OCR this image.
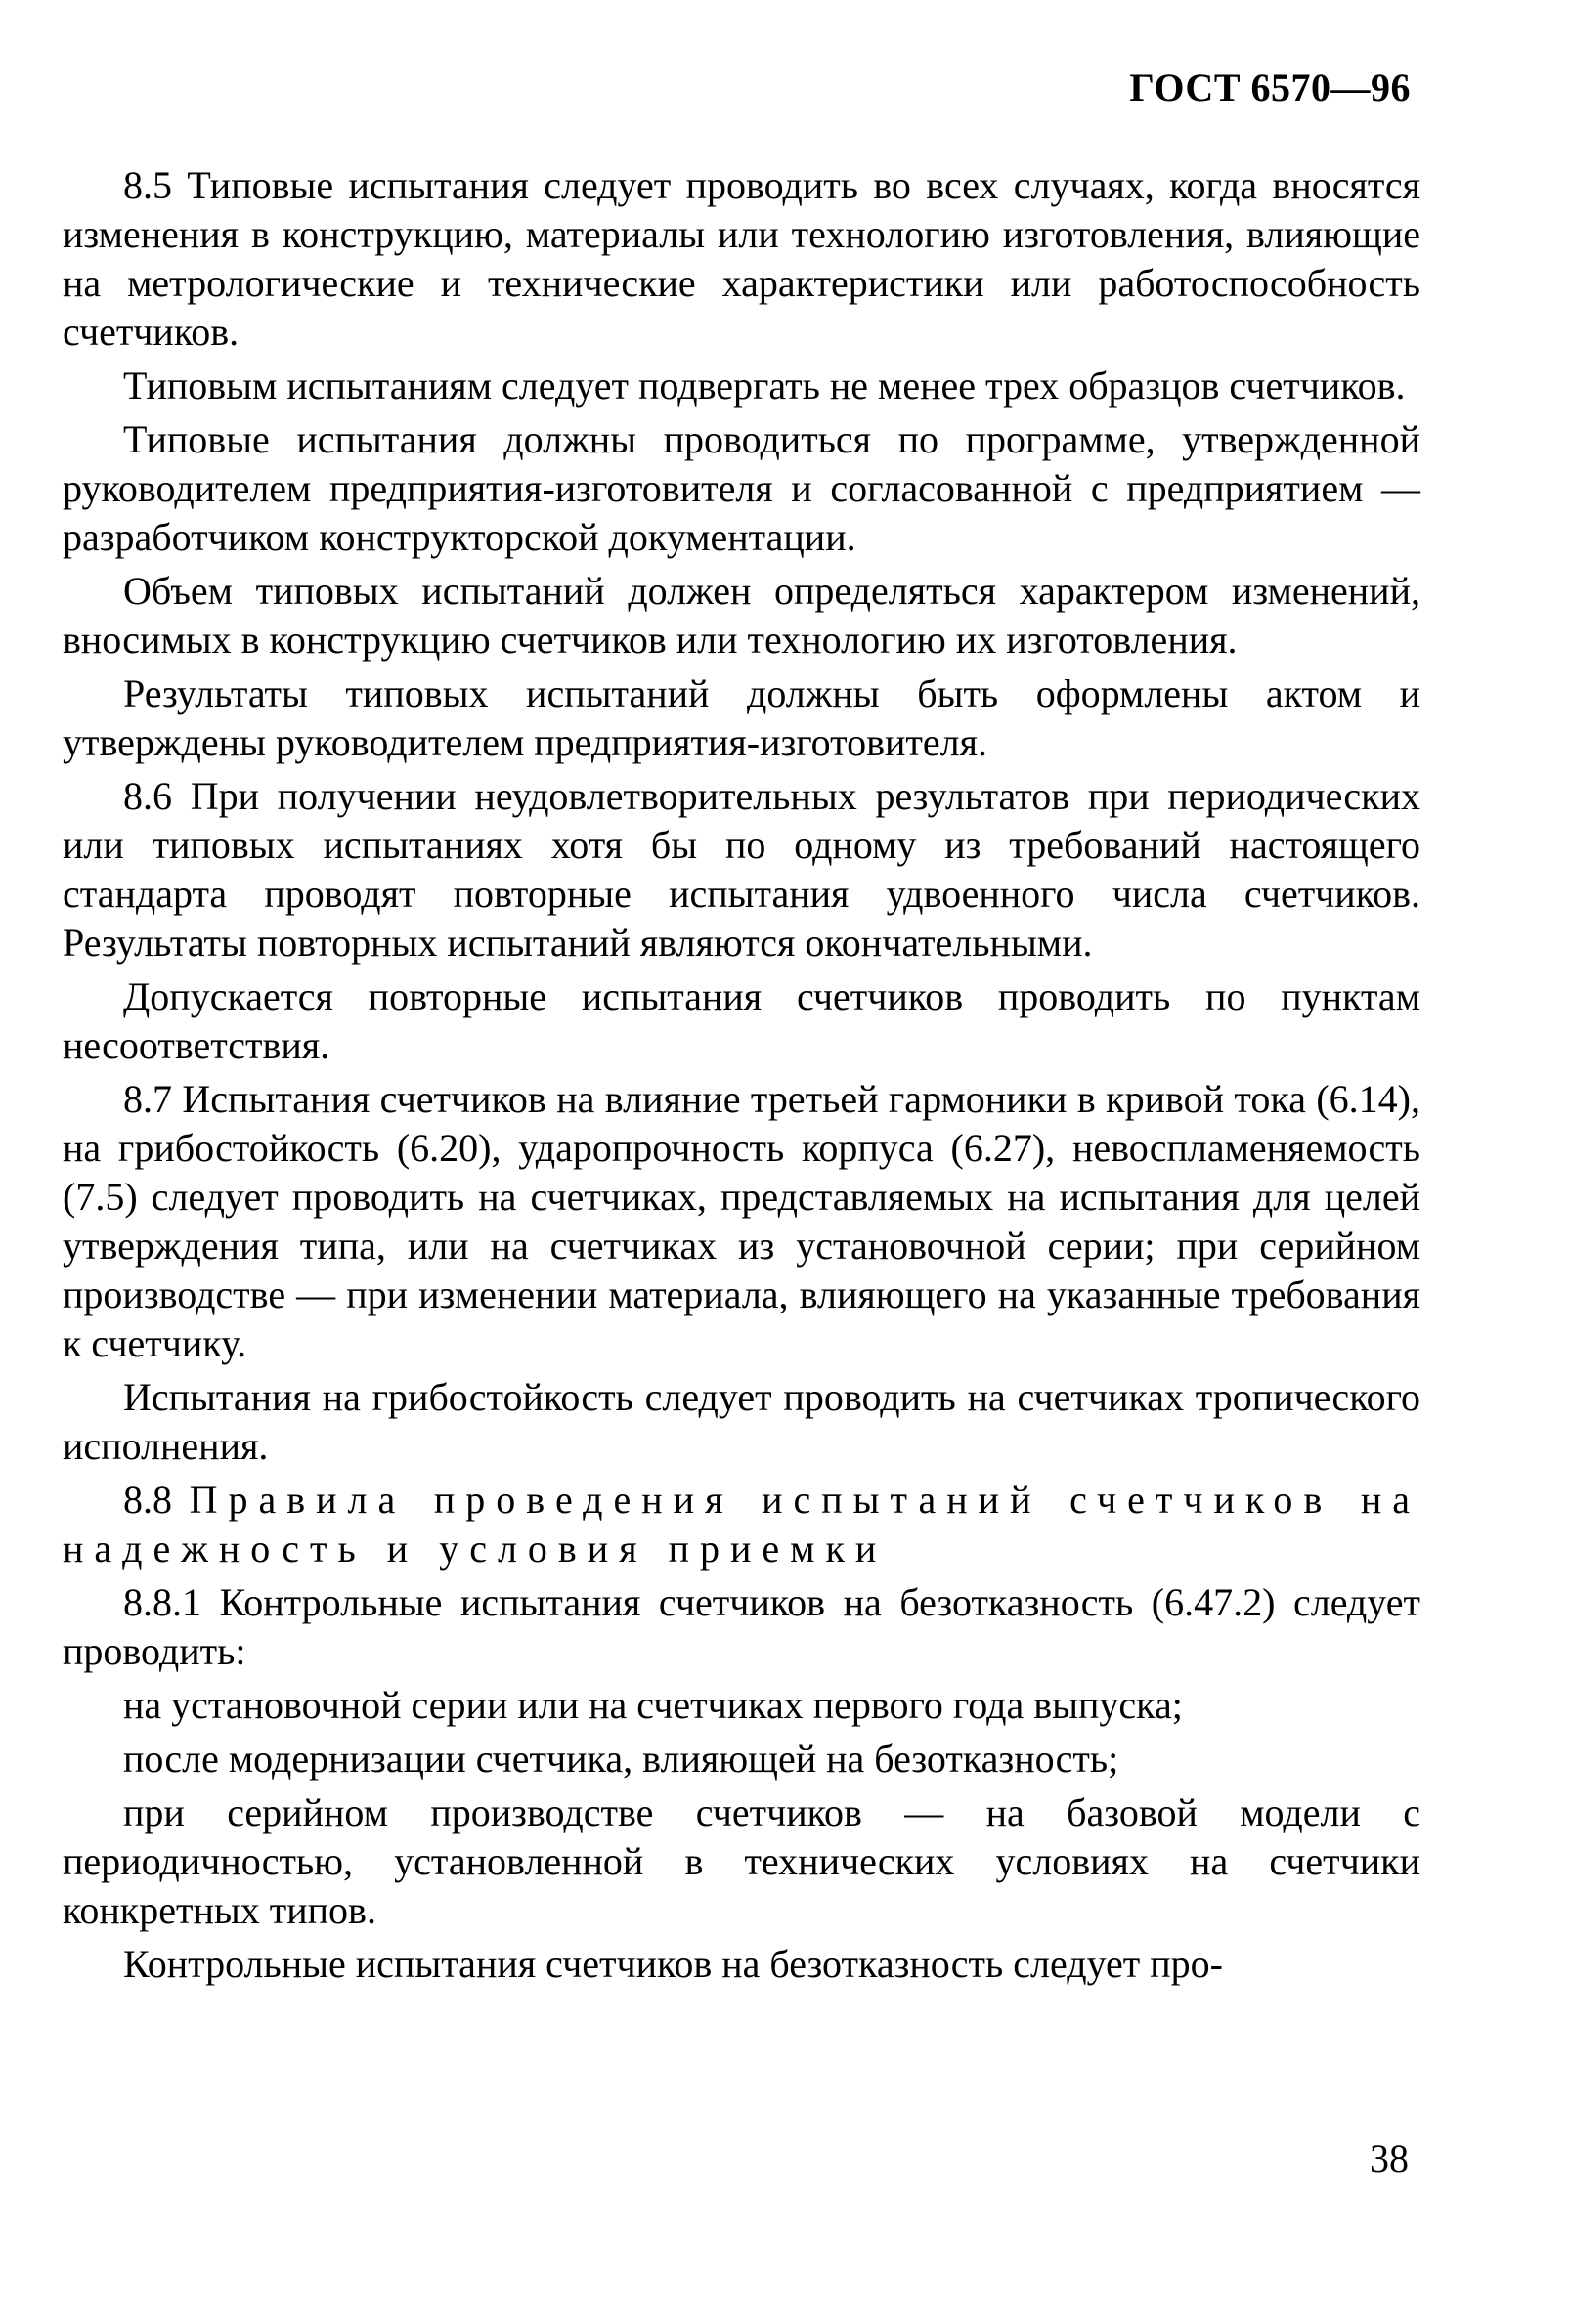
ГОСТ 6570—96

8.5 Типовые испытания следует проводить во всех случаях, когда вносятся изменения в конструкцию, материалы или технологию изготовления, влияющие на метрологические и технические характеристики или работоспособность счетчиков.

Типовым испытаниям следует подвергать не менее трех образцов счетчиков.

Типовые испытания должны проводиться по программе, утвержденной руководителем предприятия-изготовителя и согласованной с предприятием — разработчиком конструкторской документации.

Объем типовых испытаний должен определяться характером изменений, вносимых в конструкцию счетчиков или технологию их изготовления.

Результаты типовых испытаний должны быть оформлены актом и утверждены руководителем предприятия-изготовителя.

8.6 При получении неудовлетворительных результатов при периодических или типовых испытаниях хотя бы по одному из требований настоящего стандарта проводят повторные испытания удвоенного числа счетчиков. Результаты повторных испытаний являются окончательными.

Допускается повторные испытания счетчиков проводить по пунктам несоответствия.

8.7 Испытания счетчиков на влияние третьей гармоники в кривой тока (6.14), на грибостойкость (6.20), ударопрочность корпуса (6.27), невоспламеняемость (7.5) следует проводить на счетчиках, представляемых на испытания для целей утверждения типа, или на счетчиках из установочной серии; при серийном производстве — при изменении материала, влияющего на указанные требования к счетчику.

Испытания на грибостойкость следует проводить на счетчиках тропического исполнения.

8.8 Правила проведения испытаний счетчиков на надежность и условия приемки

8.8.1 Контрольные испытания счетчиков на безотказность (6.47.2) следует проводить:

на установочной серии или на счетчиках первого года выпуска;

после модернизации счетчика, влияющей на безотказность;

при серийном производстве счетчиков — на базовой модели с периодичностью, установленной в технических условиях на счетчики конкретных типов.

Контрольные испытания счетчиков на безотказность следует про-

38
